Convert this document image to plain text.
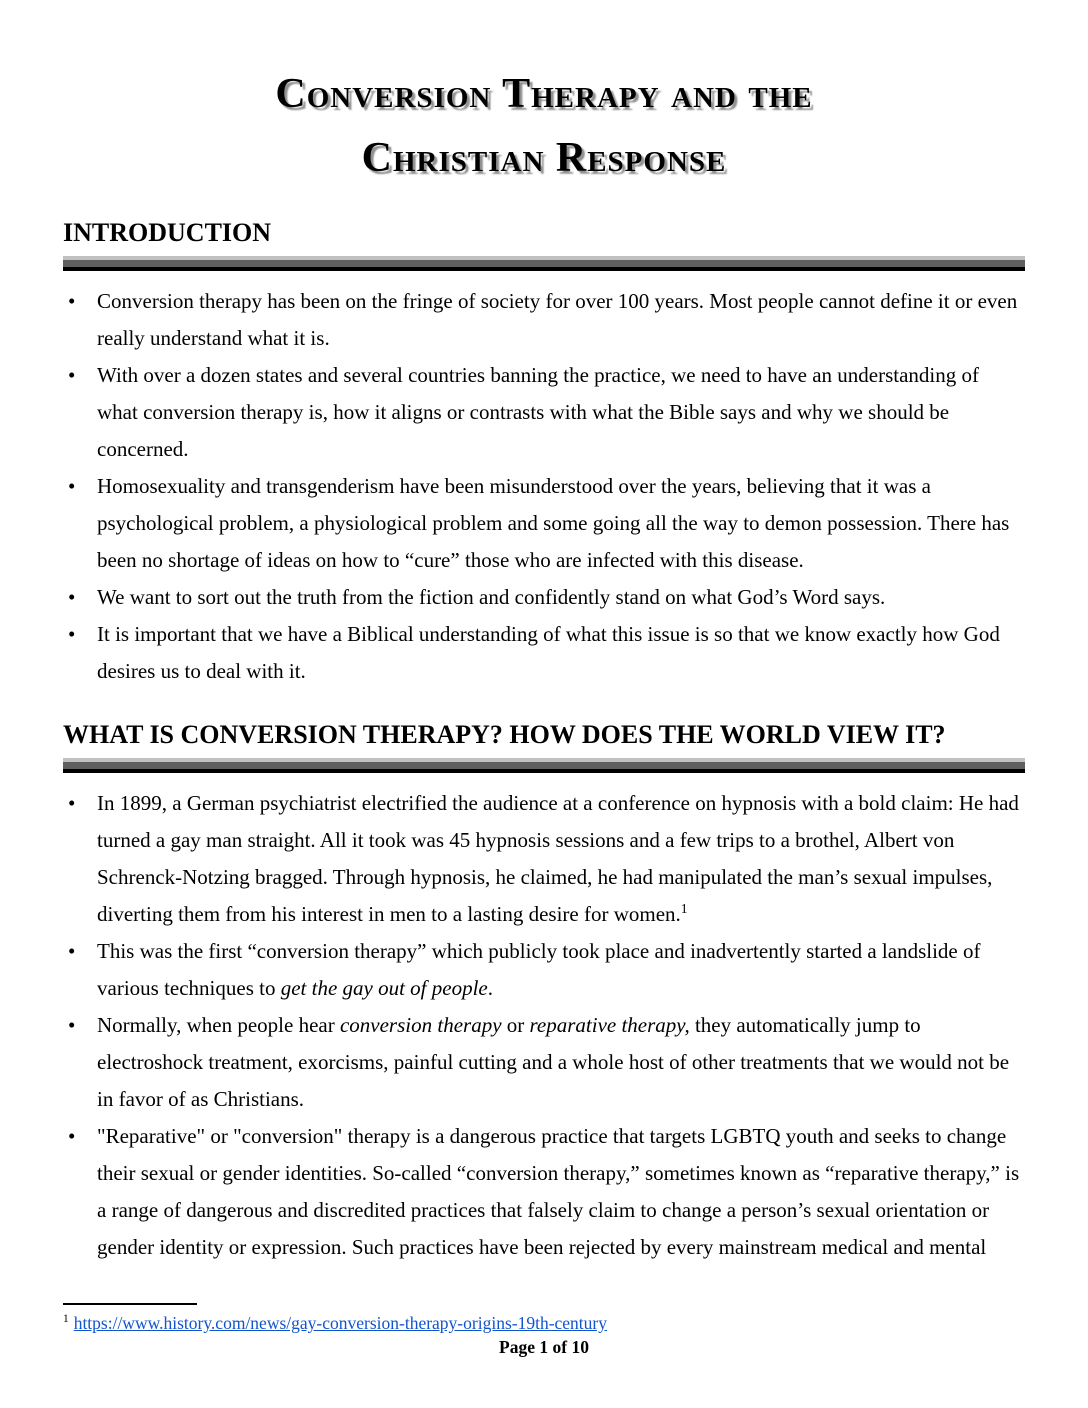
Conversion Therapy and the
Christian Response
INTRODUCTION
• Conversion therapy has been on the fringe of society for over 100 years. Most people cannot define it or even really understand what it is.
• With over a dozen states and several countries banning the practice, we need to have an understanding of what conversion therapy is, how it aligns or contrasts with what the Bible says and why we should be concerned.
• Homosexuality and transgenderism have been misunderstood over the years, believing that it was a psychological problem, a physiological problem and some going all the way to demon possession. There has been no shortage of ideas on how to “cure” those who are infected with this disease.
• We want to sort out the truth from the fiction and confidently stand on what God’s Word says.
• It is important that we have a Biblical understanding of what this issue is so that we know exactly how God desires us to deal with it.
WHAT IS CONVERSION THERAPY? HOW DOES THE WORLD VIEW IT?
• In 1899, a German psychiatrist electrified the audience at a conference on hypnosis with a bold claim: He had turned a gay man straight. All it took was 45 hypnosis sessions and a few trips to a brothel, Albert von Schrenck-Notzing bragged. Through hypnosis, he claimed, he had manipulated the man’s sexual impulses, diverting them from his interest in men to a lasting desire for women.$^1$
• This was the first “conversion therapy” which publicly took place and inadvertently started a landslide of various techniques to get the gay out of people.
• Normally, when people hear conversion therapy or reparative therapy, they automatically jump to electroshock treatment, exorcisms, painful cutting and a whole host of other treatments that we would not be in favor of as Christians.
• "Reparative" or "conversion" therapy is a dangerous practice that targets LGBTQ youth and seeks to change their sexual or gender identities. So-called “conversion therapy,” sometimes known as “reparative therapy,” is a range of dangerous and discredited practices that falsely claim to change a person’s sexual orientation or gender identity or expression. Such practices have been rejected by every mainstream medical and mental
$^1$ https://www.history.com/news/gay-conversion-therapy-origins-19th-century
Page 1 of 10
